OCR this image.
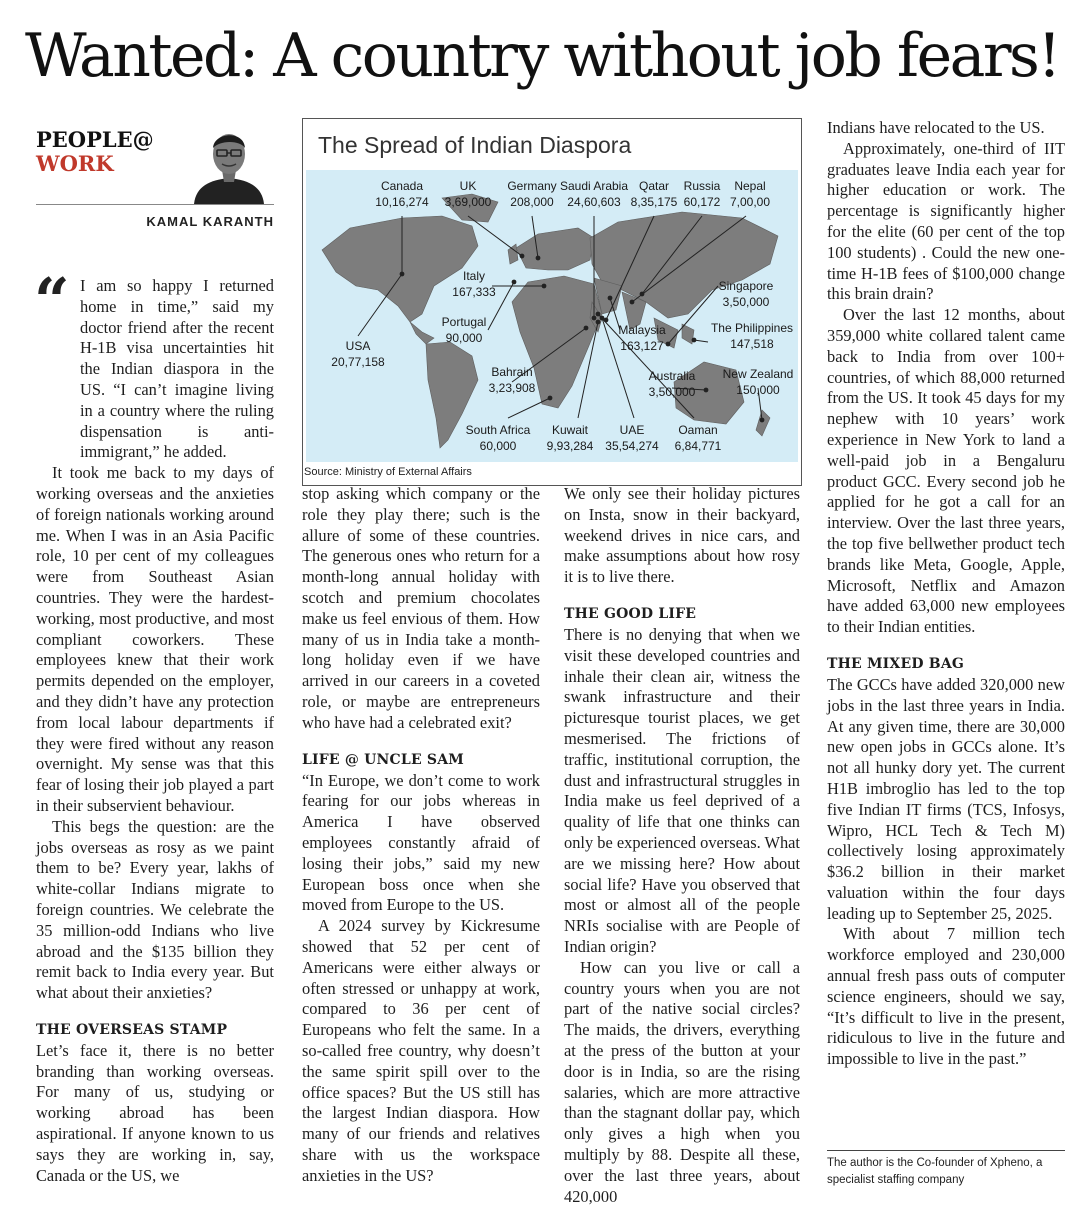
Wanted: A country without job fears!
PEOPLE@
WORK
KAMAL KARANTH
Canada
10,16,274
UK
3,69,000
Germany
208,000
Saudi Arabia
24,60,603
Qatar
8,35,175
Russia
60,172
Nepal
7,00,00
Italy
167,333	Singapore
3,50,000
Portugal
90,000
Malaysia
163,127
The Philippines
147,518
USA
20,77,158
Bahrain
3,23,908
Australia
3,50,000
New Zealand
150,000
South Africa
60,000
Kuwait
9,93,284
UAE
35,54,274
Oaman
6,84,771
The Spread of Indian Diaspora
Source: Ministry of External Affairs
“ I am so happy I returned home in time,” said my doctor friend after the recent H-1B visa uncertainties hit the Indian diaspora in the US. “I can’t imagine living in a country where the ruling dispensation is anti-immigrant,” he added.

It took me back to my days of working overseas and the anxieties of foreign nationals working around me. When I was in an Asia Pacific role, 10 per cent of my colleagues were from Southeast Asian countries. They were the hardest-working, most productive, and most compliant coworkers. These employees knew that their work permits depended on the employer, and they didn’t have any protection from local labour departments if they were fired without any reason overnight. My sense was that this fear of losing their job played a part in their subservient behaviour.

This begs the question: are the jobs overseas as rosy as we paint them to be? Every year, lakhs of white-collar Indians migrate to foreign countries. We celebrate the 35 million-odd Indians who live abroad and the $135 billion they remit back to India every year. But what about their anxieties?

THE OVERSEAS STAMP

Let’s face it, there is no better branding than working overseas. For many of us, studying or working abroad has been aspirational. If anyone known to us says they are working in, say, Canada or the US, we

stop asking which company or the role they play there; such is the allure of some of these countries. The generous ones who return for a month-long annual holiday with scotch and premium chocolates make us feel envious of them. How many of us in India take a month-long holiday even if we have arrived in our careers in a coveted role, or maybe are entrepreneurs who have had a celebrated exit?

LIFE @ UNCLE SAM

“In Europe, we don’t come to work fearing for our jobs whereas in America I have observed employees constantly afraid of losing their jobs,” said my new European boss once when she moved from Europe to the US.

A 2024 survey by Kickresume showed that 52 per cent of Americans were either always or often stressed or unhappy at work, compared to 36 per cent of Europeans who felt the same. In a so-called free country, why doesn’t the same spirit spill over to the office spaces? But the US still has the largest Indian diaspora. How many of our friends and relatives share with us the workspace anxieties in the US?

We only see their holiday pictures on Insta, snow in their backyard, weekend drives in nice cars, and make assumptions about how rosy it is to live there.

THE GOOD LIFE

There is no denying that when we visit these developed countries and inhale their clean air, witness the swank infrastructure and their picturesque tourist places, we get mesmerised. The frictions of traffic, institutional corruption, the dust and infrastructural struggles in India make us feel deprived of a quality of life that one thinks can only be experienced overseas. What are we missing here? How about social life? Have you observed that most or almost all of the people NRIs socialise with are People of Indian origin?

How can you live or call a country yours when you are not part of the native social circles? The maids, the drivers, everything at the press of the button at your door is in India, so are the rising salaries, which are more attractive than the stagnant dollar pay, which only gives a high when you multiply by 88. Despite all these, over the last three years, about 420,000

Indians have relocated to the US.

Approximately, one-third of IIT graduates leave India each year for higher education or work. The percentage is significantly higher for the elite (60 per cent of the top 100 students) . Could the new one-time H-1B fees of $100,000 change this brain drain?

Over the last 12 months, about 359,000 white collared talent came back to India from over 100+ countries, of which 88,000 returned from the US. It took 45 days for my nephew with 10 years’ work experience in New York to land a well-paid job in a Bengaluru product GCC. Every second job he applied for he got a call for an interview. Over the last three years, the top five bellwether product tech brands like Meta, Google, Apple, Microsoft, Netflix and Amazon have added 63,000 new employees to their Indian entities.

THE MIXED BAG

The GCCs have added 320,000 new jobs in the last three years in India. At any given time, there are 30,000 new open jobs in GCCs alone. It’s not all hunky dory yet. The current H1B imbroglio has led to the top five Indian IT firms (TCS, Infosys, Wipro, HCL Tech & Tech M) collectively losing approximately $36.2 billion in their market valuation within the four days leading up to September 25, 2025.

With about 7 million tech workforce employed and 230,000 annual fresh pass outs of computer science engineers, should we say, “It’s difficult to live in the present, ridiculous to live in the future and impossible to live in the past.”

The author is the Co-founder of Xpheno, a specialist staffing company
